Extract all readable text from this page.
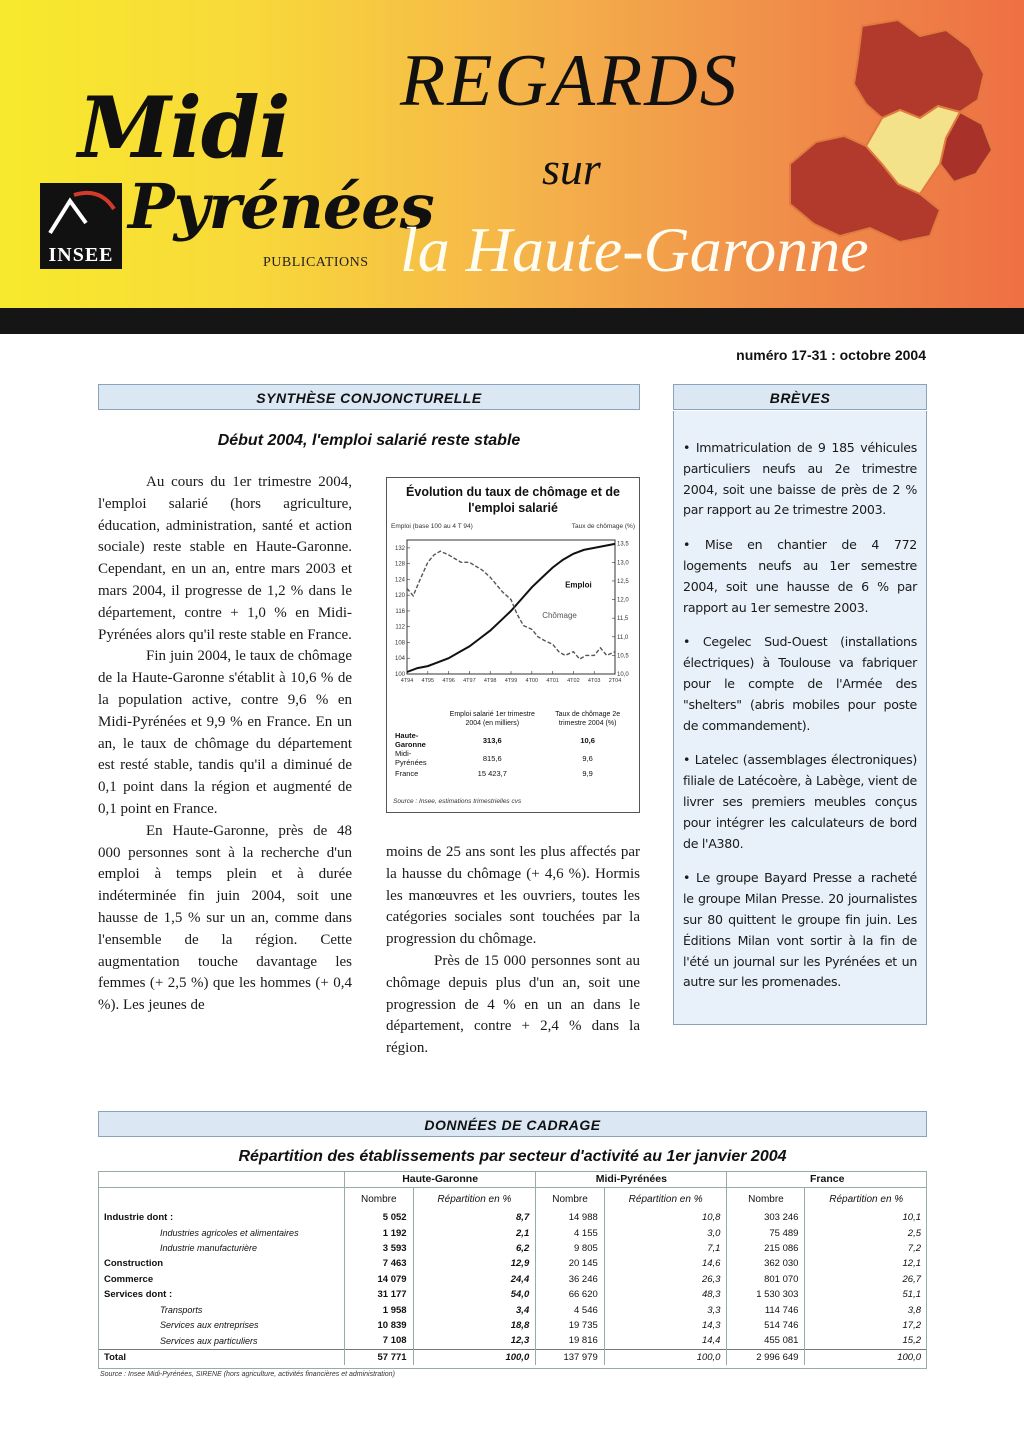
Midi
INSEE
Pyrénées
PUBLICATIONS
REGARDS
sur
la Haute-Garonne
numéro 17-31 : octobre 2004
SYNTHÈSE CONJONCTURELLE
Début 2004, l'emploi salarié reste stable

Au cours du 1er trimestre 2004, l'emploi salarié (hors agriculture, éducation, administration, santé et action sociale) reste stable en Haute-Garonne. Cependant, en un an, entre mars 2003 et mars 2004, il progresse de 1,2 % dans le département, contre + 1,0 % en Midi-Pyrénées alors qu'il reste stable en France.

Fin juin 2004, le taux de chômage de la Haute-Garonne s'établit à 10,6 % de la population active, contre 9,6 % en Midi-Pyrénées et 9,9 % en France. En un an, le taux de chômage du département est resté stable, tandis qu'il a diminué de 0,1 point dans la région et augmenté de 0,1 point en France.

En Haute-Garonne, près de 48 000 personnes sont à la recherche d'un emploi à temps plein et à durée indéterminée fin juin 2004, soit une hausse de 1,5 % sur un an, comme dans l'ensemble de la région. Cette augmentation touche davantage les femmes (+ 2,5 %) que les hommes (+ 0,4 %). Les jeunes de

moins de 25 ans sont les plus affectés par la hausse du chômage (+ 4,6 %). Hormis les manœuvres et les ouvriers, toutes les catégories sociales sont touchées par la progression du chômage.

Près de 15 000 personnes sont au chômage depuis plus d'un an, soit une progression de 4 % en un an dans le département, contre + 2,4 % dans la région.

Évolution du taux de chômage et de l'emploi salarié
Emploi (base 100 au 4 T 94)	Taux de chômage (%)
100
104
108
112
116
120
124
128
132
10,0
10,5
11,0
11,5
12,0
12,5
13,0
13,5
4T94 4T95 4T96 4T97 4T98 4T99 4T00 4T01 4T02 4T03 2T04
Emploi
Chômage
	Emploi salarié 1er trimestre 2004 (en milliers)	Taux de chômage 2e trimestre 2004 (%)
Haute-Garonne	313,6	10,6
Midi-Pyrénées	815,6	9,6
France	15 423,7	9,9
Source : Insee, estimations trimestrielles cvs
BRÈVES

• Immatriculation de 9 185 véhicules particuliers neufs au 2e trimestre 2004, soit une baisse de près de 2 % par rapport au 2e trimestre 2003.

• Mise en chantier de 4 772 logements neufs au 1er semestre 2004, soit une hausse de 6 % par rapport au 1er semestre 2003.

• Cegelec Sud-Ouest (installations électriques) à Toulouse va fabriquer pour le compte de l'Armée des "shelters" (abris mobiles pour poste de commandement).

• Latelec (assemblages électroniques) filiale de Latécoère, à Labège, vient de livrer ses premiers meubles conçus pour intégrer les calculateurs de bord de l'A380.

• Le groupe Bayard Presse a racheté le groupe Milan Presse. 20 journalistes sur 80 quittent le groupe fin juin. Les Éditions Milan vont sortir à la fin de l'été un journal sur les Pyrénées et un autre sur les promenades.

DONNÉES DE CADRAGE
Répartition des établissements par secteur d'activité au 1er janvier 2004
	Haute-Garonne		Midi-Pyrénées		France	
	Nombre	Répartition en %	Nombre	Répartition en %	Nombre	Répartition en %
Industrie dont :	5 052	8,7	14 988	10,8	303 246	10,1
Industries agricoles et alimentaires	1 192	2,1	4 155	3,0	75 489	2,5
Industrie manufacturière	3 593	6,2	9 805	7,1	215 086	7,2
Construction	7 463	12,9	20 145	14,6	362 030	12,1
Commerce	14 079	24,4	36 246	26,3	801 070	26,7
Services dont :	31 177	54,0	66 620	48,3	1 530 303	51,1
Transports	1 958	3,4	4 546	3,3	114 746	3,8
Services aux entreprises	10 839	18,8	19 735	14,3	514 746	17,2
Services aux particuliers	7 108	12,3	19 816	14,4	455 081	15,2
Total	57 771	100,0	137 979	100,0	2 996 649	100,0
Source : Insee Midi-Pyrénées, SIRENE (hors agriculture, activités financières et administration)
